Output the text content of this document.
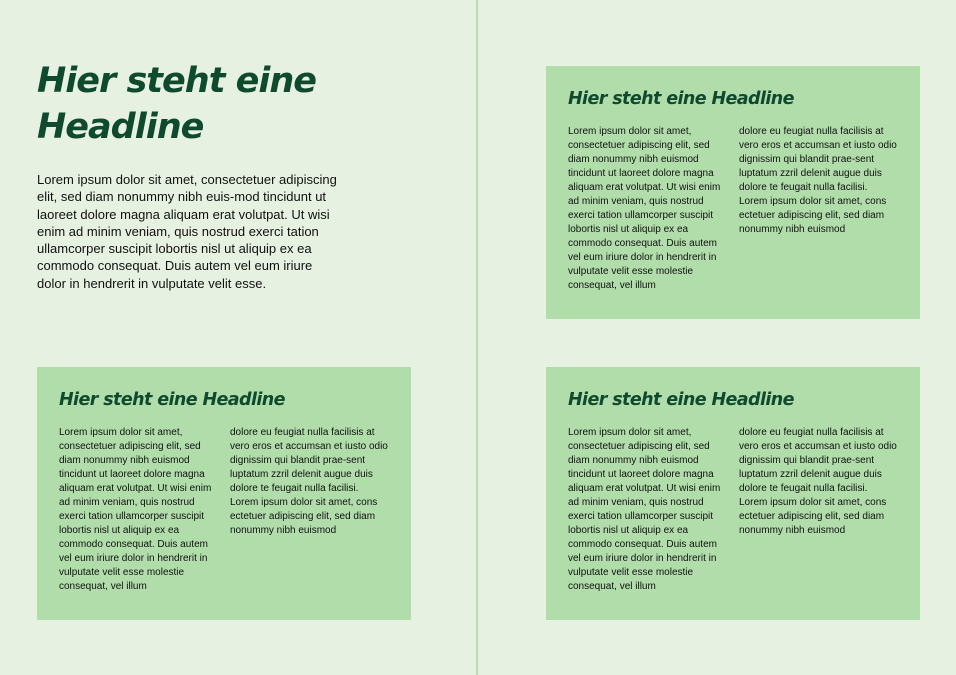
Hier steht eine Headline

Lorem ipsum dolor sit amet, consectetuer adipiscing elit, sed diam nonummy nibh euis-mod tincidunt ut laoreet dolore magna aliquam erat volutpat. Ut wisi enim ad minim veniam, quis nostrud exerci tation ullamcorper suscipit lobortis nisl ut aliquip ex ea commodo consequat. Duis autem vel eum iriure dolor in hendrerit in vulputate velit esse.

Hier steht eine Headline

Lorem ipsum dolor sit amet, consectetuer adipiscing elit, sed diam nonummy nibh euismod tincidunt ut laoreet dolore magna aliquam erat volutpat. Ut wisi enim ad minim veniam, quis nostrud exerci tation ullamcorper suscipit lobortis nisl ut aliquip ex ea commodo consequat. Duis autem vel eum iriure dolor in hendrerit in vulputate velit esse molestie consequat, vel illum

dolore eu feugiat nulla facilisis at vero eros et accumsan et iusto odio dignissim qui blandit prae-sent luptatum zzril delenit augue duis dolore te feugait nulla facilisi.

Lorem ipsum dolor sit amet, cons ectetuer adipiscing elit, sed diam nonummy nibh euismod

Hier steht eine Headline

Lorem ipsum dolor sit amet, consectetuer adipiscing elit, sed diam nonummy nibh euismod tincidunt ut laoreet dolore magna aliquam erat volutpat. Ut wisi enim ad minim veniam, quis nostrud exerci tation ullamcorper suscipit lobortis nisl ut aliquip ex ea commodo consequat. Duis autem vel eum iriure dolor in hendrerit in vulputate velit esse molestie consequat, vel illum

dolore eu feugiat nulla facilisis at vero eros et accumsan et iusto odio dignissim qui blandit prae-sent luptatum zzril delenit augue duis dolore te feugait nulla facilisi.

Lorem ipsum dolor sit amet, cons ectetuer adipiscing elit, sed diam nonummy nibh euismod

Hier steht eine Headline

Lorem ipsum dolor sit amet, consectetuer adipiscing elit, sed diam nonummy nibh euismod tincidunt ut laoreet dolore magna aliquam erat volutpat. Ut wisi enim ad minim veniam, quis nostrud exerci tation ullamcorper suscipit lobortis nisl ut aliquip ex ea commodo consequat. Duis autem vel eum iriure dolor in hendrerit in vulputate velit esse molestie consequat, vel illum

dolore eu feugiat nulla facilisis at vero eros et accumsan et iusto odio dignissim qui blandit prae-sent luptatum zzril delenit augue duis dolore te feugait nulla facilisi.

Lorem ipsum dolor sit amet, cons ectetuer adipiscing elit, sed diam nonummy nibh euismod
